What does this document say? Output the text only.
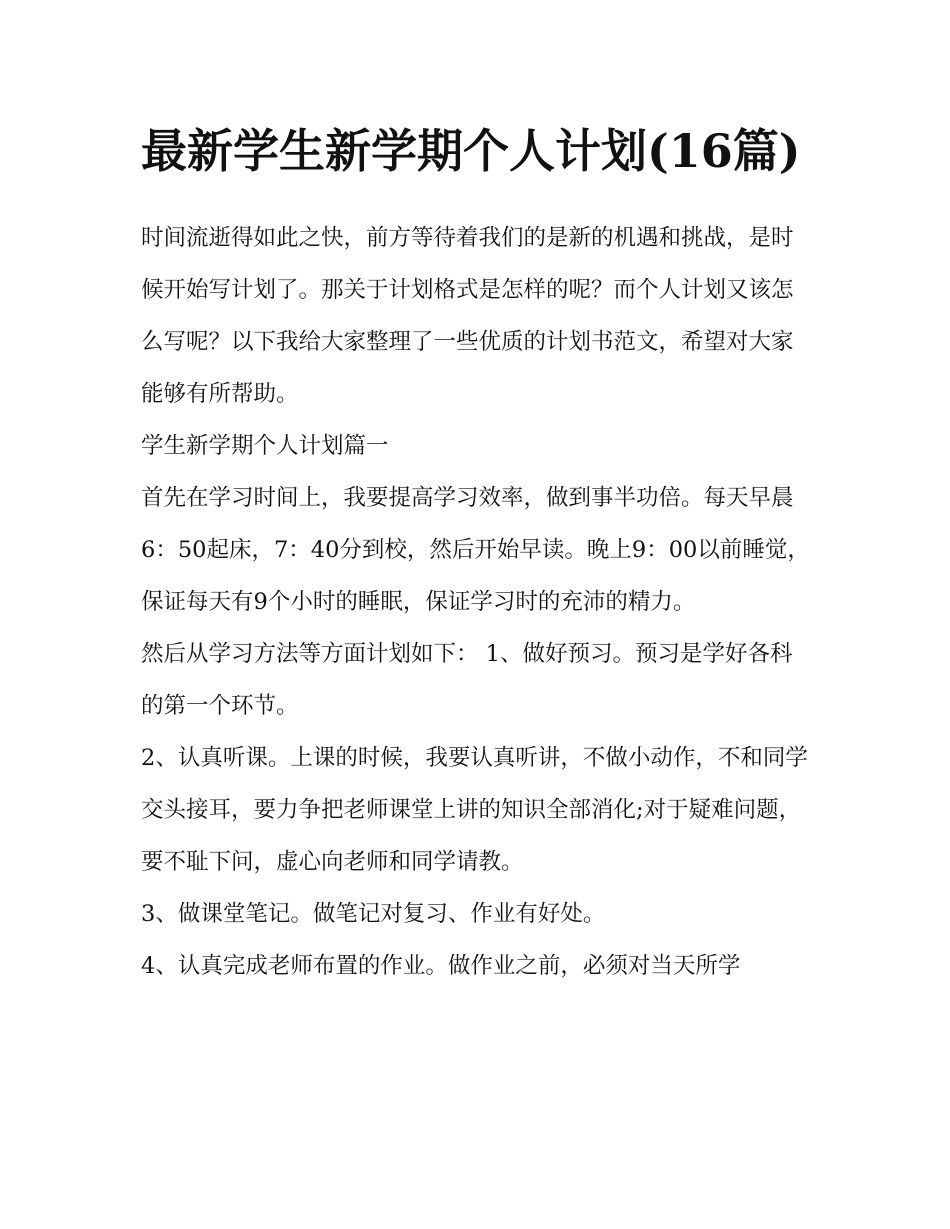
最新学生新学期个人计划(16篇)

时间流逝得如此之快，前方等待着我们的是新的机遇和挑战，是时候开始写计划了。那关于计划格式是怎样的呢？而个人计划又该怎么写呢？以下我给大家整理了一些优质的计划书范文，希望对大家能够有所帮助。

学生新学期个人计划篇一

首先在学习时间上，我要提高学习效率，做到事半功倍。每天早晨6：50起床，7：40分到校，然后开始早读。晚上9：00以前睡觉，保证每天有9个小时的睡眠，保证学习时的充沛的精力。

然后从学习方法等方面计划如下： 1、做好预习。预习是学好各科的第一个环节。

2、认真听课。上课的时候，我要认真听讲，不做小动作，不和同学交头接耳，要力争把老师课堂上讲的知识全部消化;对于疑难问题，要不耻下问，虚心向老师和同学请教。

3、做课堂笔记。做笔记对复习、作业有好处。

4、认真完成老师布置的作业。做作业之前，必须对当天所学
